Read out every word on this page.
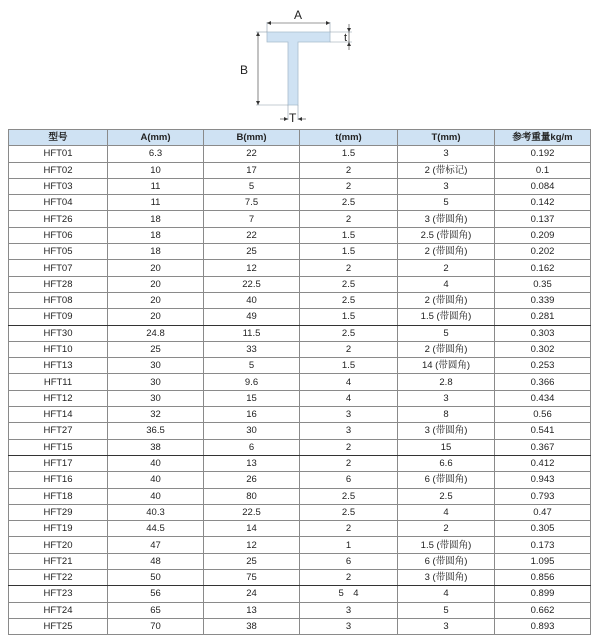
A
t
B
T
型号	A(mm)	B(mm)	t(mm)	T(mm)	参考重量kg/m
HFT01	6.3	22	1.5	3	0.192
HFT02	10	17	2	2 (带标记)	0.1
HFT03	11	5	2	3	0.084
HFT04	11	7.5	2.5	5	0.142
HFT26	18	7	2	3 (带圆角)	0.137
HFT06	18	22	1.5	2.5 (带圆角)	0.209
HFT05	18	25	1.5	2 (带圆角)	0.202
HFT07	20	12	2	2	0.162
HFT28	20	22.5	2.5	4	0.35
HFT08	20	40	2.5	2 (带圆角)	0.339
HFT09	20	49	1.5	1.5 (带圆角)	0.281
HFT30	24.8	11.5	2.5	5	0.303
HFT10	25	33	2	2 (带圆角)	0.302
HFT13	30	5	1.5	14 (带圆角)	0.253
HFT11	30	9.6	4	2.8	0.366
HFT12	30	15	4	3	0.434
HFT14	32	16	3	8	0.56
HFT27	36.5	30	3	3 (带圆角)	0.541
HFT15	38	6	2	15	0.367
HFT17	40	13	2	6.6	0.412
HFT16	40	26	6	6 (带圆角)	0.943
HFT18	40	80	2.5	2.5	0.793
HFT29	40.3	22.5	2.5	4	0.47
HFT19	44.5	14	2	2	0.305
HFT20	47	12	1	1.5 (带圆角)	0.173
HFT21	48	25	6	6 (带圆角)	1.095
HFT22	50	75	2	3 (带圆角)	0.856
HFT23	56	24	5　4	4	0.899
HFT24	65	13	3	5	0.662
HFT25	70	38	3	3	0.893
